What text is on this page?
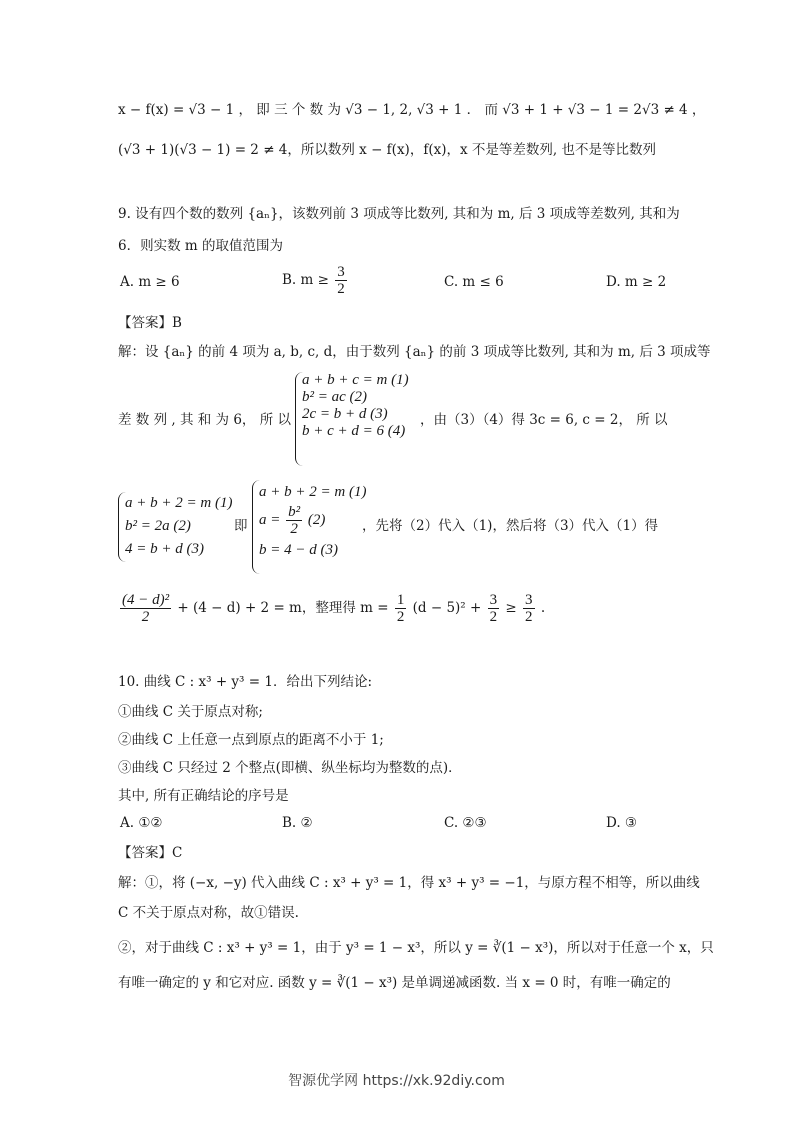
x − f(x) = √3 − 1 ， 即 三 个 数 为 √3 − 1, 2, √3 + 1 ． 而 √3 + 1 + √3 − 1 = 2√3 ≠ 4 ，
(√3 + 1)(√3 − 1) = 2 ≠ 4，所以数列 x − f(x)，f(x)，x 不是等差数列, 也不是等比数列
9. 设有四个数的数列 {aₙ}，该数列前 3 项成等比数列, 其和为 m, 后 3 项成等差数列, 其和为
6．则实数 m 的取值范围为
A. m ≥ 6	B. $m \ge \frac{3}{2}$	C. m ≤ 6	D. m ≥ 2
【答案】B
解：设 {aₙ} 的前 4 项为 a, b, c, d，由于数列 {aₙ} 的前 3 项成等比数列, 其和为 m, 后 3 项成等
差 数 列 , 其 和 为 6， 所 以
a + b + c = m (1)
b² = ac (2)
2c = b + d (3)
b + c + d = 6 (4)
，由（3）（4）得 3c = 6, c = 2， 所 以
a + b + 2 = m (1)
b² = 2a (2)
4 = b + d (3)
即
a + b + 2 = m (1)
$a = \frac{\text{b²}}{2} (2)$
b = 4 − d (3)
，先将（2）代入（1)，然后将（3）代入（1）得
$\frac{\text{(4 − d)²}}{2} + (4 - d) + 2 = m$，整理得 $m = \frac{1}{2} (d - 5)^2 + \frac{3}{2} \ge \frac{3}{2}$ .
10. 曲线 C : x³ + y³ = 1．给出下列结论:
①曲线 C 关于原点对称;
②曲线 C 上任意一点到原点的距离不小于 1;
③曲线 C 只经过 2 个整点(即横、纵坐标均为整数的点)．
其中, 所有正确结论的序号是
A. ①②	B. ②	C. ②③	D. ③
【答案】C
解：①，将 (−x, −y) 代入曲线 C : x³ + y³ = 1，得 x³ + y³ = −1，与原方程不相等，所以曲线
C 不关于原点对称，故①错误.
②，对于曲线 C : x³ + y³ = 1，由于 y³ = 1 − x³，所以 y = ∛(1 − x³)，所以对于任意一个 x，只
有唯一确定的 y 和它对应. 函数 y = ∛(1 − x³) 是单调递减函数. 当 x = 0 时，有唯一确定的
智源优学网 https://xk.92diy.com
